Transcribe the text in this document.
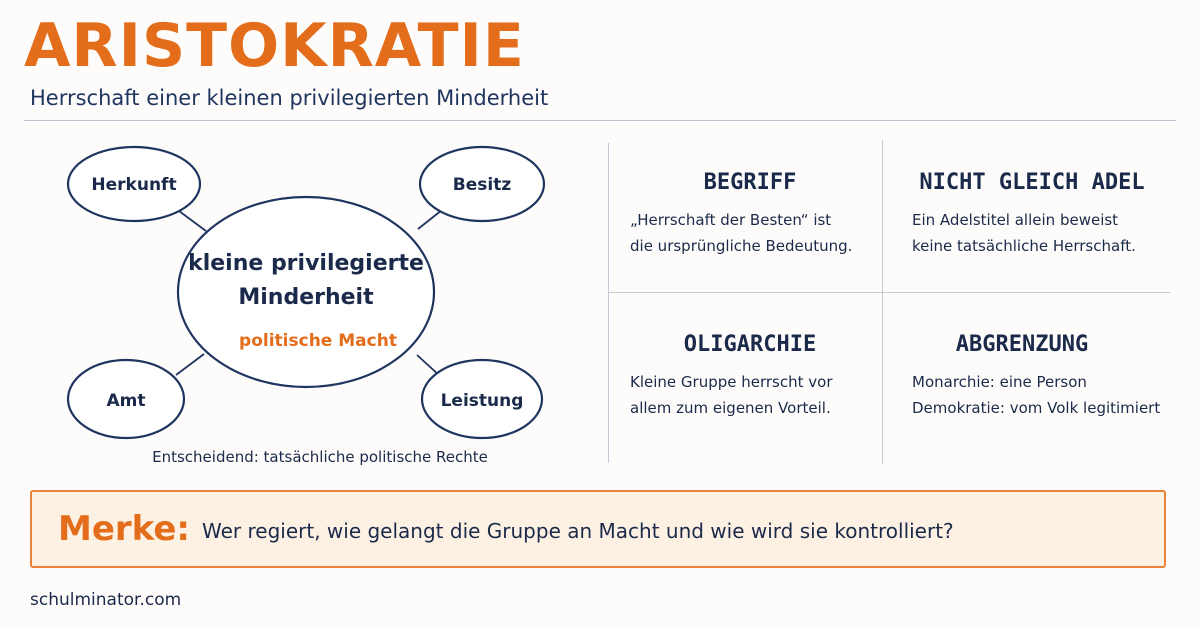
ARISTOKRATIE

Herrschaft einer kleinen privilegierten Minderheit

kleine privilegierte
Minderheit
politische Macht
Herkunft	Besitz
Amt	Leistung
Entscheidend: tatsächliche politische Rechte
BEGRIFF

„Herrschaft der Besten“ ist
die ursprüngliche Bedeutung.

NICHT GLEICH ADEL

Ein Adelstitel allein beweist
keine tatsächliche Herrschaft.

OLIGARCHIE

Kleine Gruppe herrscht vor
allem zum eigenen Vorteil.

ABGRENZUNG

Monarchie: eine Person
Demokratie: vom Volk legitimiert

Merke: Wer regiert, wie gelangt die Gruppe an Macht und wie wird sie kontrolliert?
schulminator.com
